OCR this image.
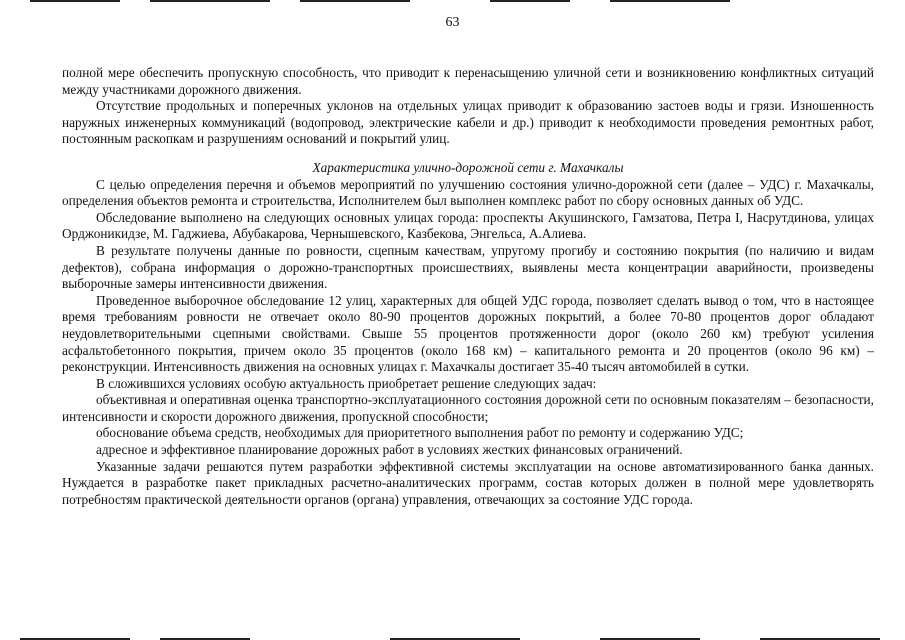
63

полной мере обеспечить пропускную способность, что приводит к перенасыщению уличной сети и возникновению конфликтных ситуаций между участниками дорожного движения.

Отсутствие продольных и поперечных уклонов на отдельных улицах приводит к образованию застоев воды и грязи. Изношенность наружных инженерных коммуникаций (водопровод, электрические кабели и др.) приводит к необходимости проведения ремонтных работ, постоянным раскопкам и разрушениям оснований и покрытий улиц.

Характеристика улично-дорожной сети г. Махачкалы

С целью определения перечня и объемов мероприятий по улучшению состояния улично-дорожной сети (далее – УДС) г. Махачкалы, определения объектов ремонта и строительства, Исполнителем был выполнен комплекс работ по сбору основных данных об УДС.

Обследование выполнено на следующих основных улицах города: проспекты Акушинского, Гамзатова, Петра I, Насрутдинова, улицах Орджоникидзе, М. Гаджиева, Абубакарова, Чернышевского, Казбекова, Энгельса, А.Алиева.

В результате получены данные по ровности, сцепным качествам, упругому прогибу и состоянию покрытия (по наличию и видам дефектов), собрана информация о дорожно-транспортных происшествиях, выявлены места концентрации аварийности, произведены выборочные замеры интенсивности движения.

Проведенное выборочное обследование 12 улиц, характерных для общей УДС города, позволяет сделать вывод о том, что в настоящее время требованиям ровности не отвечает около 80-90 процентов дорожных покрытий, а более 70-80 процентов дорог обладают неудовлетворительными сцепными свойствами. Свыше 55 процентов протяженности дорог (около 260 км) требуют усиления асфальтобетонного покрытия, причем около 35 процентов (около 168 км) – капитального ремонта и 20 процентов (около 96 км) – реконструкции. Интенсивность движения на основных улицах г. Махачкалы достигает 35-40 тысяч автомобилей в сутки.

В сложившихся условиях особую актуальность приобретает решение следующих задач:

объективная и оперативная оценка транспортно-эксплуатационного состояния дорожной сети по основным показателям – безопасности, интенсивности и скорости дорожного движения, пропускной способности;

обоснование объема средств, необходимых для приоритетного выполнения работ по ремонту и содержанию УДС;

адресное и эффективное планирование дорожных работ в условиях жестких финансовых ограничений.

Указанные задачи решаются путем разработки эффективной системы эксплуатации на основе автоматизированного банка данных. Нуждается в разработке пакет прикладных расчетно-аналитических программ, состав которых должен в полной мере удовлетворять потребностям практической деятельности органов (органа) управления, отвечающих за состояние УДС города.
